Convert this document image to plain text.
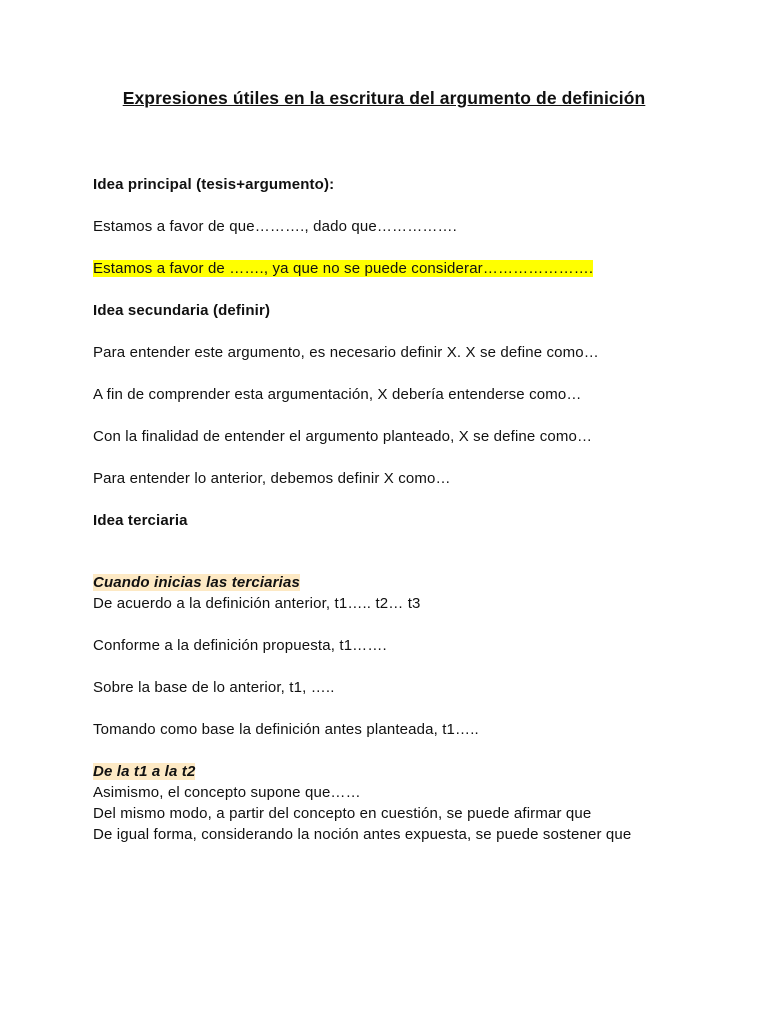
Expresiones útiles en la escritura del argumento de definición
Idea principal (tesis+argumento):
Estamos a favor de que………., dado que…………….
Estamos a favor de ……., ya que no se puede considerar………………….
Idea secundaria (definir)
Para entender este argumento, es necesario definir X. X se define como…
A fin de comprender esta argumentación, X debería entenderse como…
Con la finalidad de entender el argumento planteado, X se define como…
Para entender lo anterior, debemos definir X como…
Idea terciaria
Cuando inicias las terciarias
De acuerdo a la definición anterior, t1….. t2… t3
Conforme a la definición propuesta, t1…….
Sobre la base de lo anterior, t1, …..
Tomando como base la definición antes planteada, t1…..
De la t1 a la t2
Asimismo, el concepto supone que……
Del mismo modo, a partir del concepto en cuestión, se puede afirmar que
De igual forma, considerando la noción antes expuesta, se puede sostener que
